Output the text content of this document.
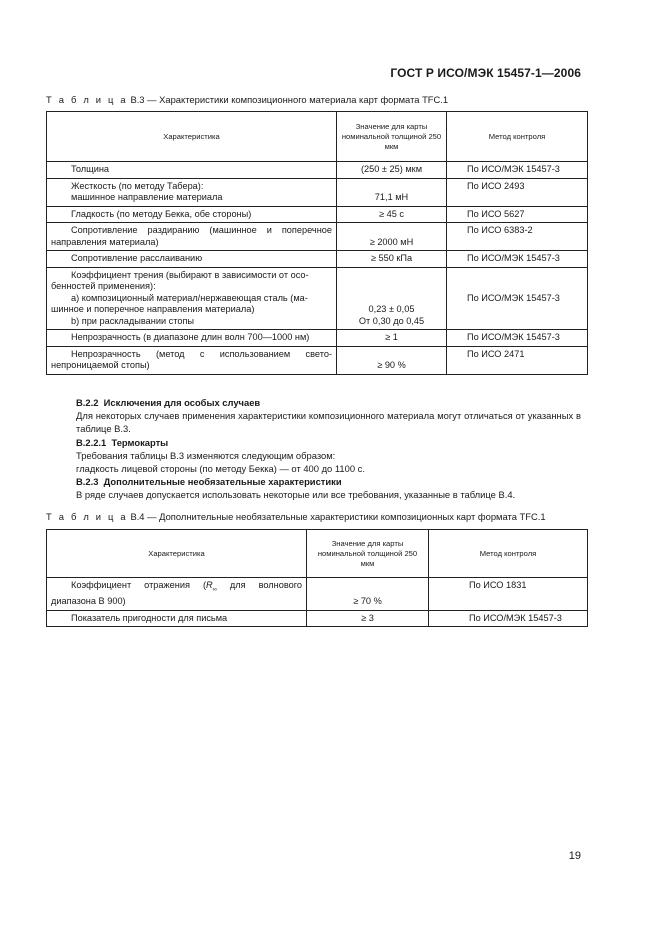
ГОСТ Р ИСО/МЭК 15457-1—2006
Т а б л и ц а В.3 — Характеристики композиционного материала карт формата TFC.1
Характеристика	Значение для карты номинальной толщиной 250 мкм	Метод контроля

Толщина	(250 ± 25) мкм	По ИСО/МЭК 15457-3

Жесткость (по методу Табера):
машинное направление материала	71,1 мН	По ИСО 2493

Гладкость (по методу Бекка, обе стороны)	≥ 45 с	По ИСО 5627

Сопротивление раздиранию (машинное и поперечное
направления материала)	≥ 2000 мН	По ИСО 6383-2

Сопротивление расслаиванию	≥ 550 кПа	По ИСО/МЭК 15457-3

Коэффициент трения (выбирают в зависимости от осо-
бенностей применения):
а) композиционный материал/нержавеющая сталь (ма-
шинное и поперечное направления материала)
b) при раскладывании стопы	0,23 ± 0,05
От 0,30 до 0,45	По ИСО/МЭК 15457-3

Непрозрачность (в диапазоне длин волн 700—1000 нм)	≥ 1	По ИСО/МЭК 15457-3

Непрозрачность (метод с использованием свето-
непроницаемой стопы)	≥ 90 %	По ИСО 2471
В.2.2 Исключения для особых случаев
Для некоторых случаев применения характеристики композиционного материала могут отличаться от указанных в таблице В.3.
В.2.2.1 Термокарты
Требования таблицы В.3 изменяются следующим образом:
гладкость лицевой стороны (по методу Бекка) — от 400 до 1100 с.
В.2.3 Дополнительные необязательные характеристики
В ряде случаев допускается использовать некоторые или все требования, указанные в таблице В.4.
Т а б л и ц а В.4 — Дополнительные необязательные характеристики композиционных карт формата TFC.1
Характеристика	Значение для карты номинальной толщиной 250 мкм	Метод контроля

Коэффициент отражения ($R_\infty$ для волнового
диапазона В 900)	≥ 70 %	По ИСО 1831

Показатель пригодности для письма	≥ 3	По ИСО/МЭК 15457-3
19
